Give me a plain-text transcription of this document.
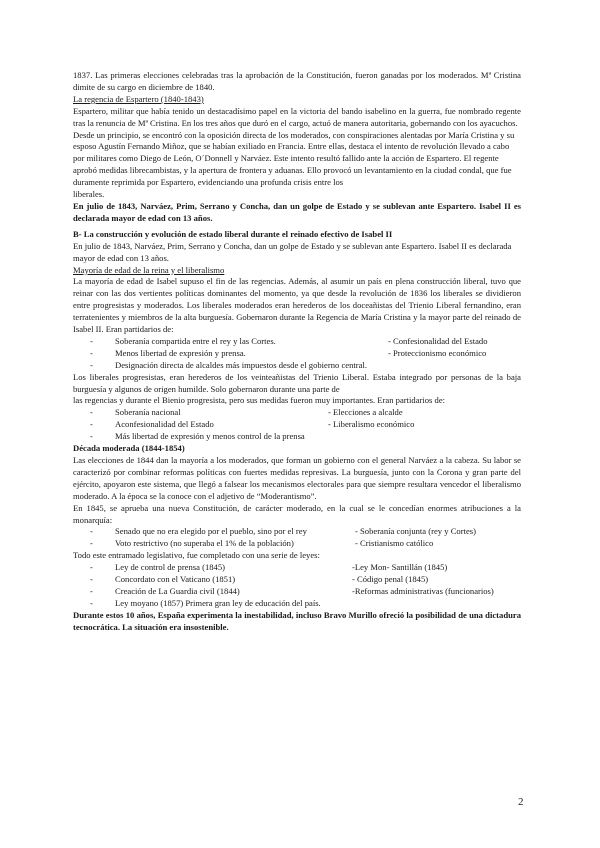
1837. Las primeras elecciones celebradas tras la aprobación de la Constitución, fueron ganadas por los moderados. Mª Cristina dimite de su cargo en diciembre de 1840.

La regencia de Espartero (1840-1843)

Espartero, militar que había tenido un destacadísimo papel en la victoria del bando isabelino en la guerra, fue nombrado regente tras la renuncia de Mª Cristina. En los tres años que duró en el cargo, actuó de manera autoritaria, gobernando con los ayacuchos.

Desde un principio, se encontró con la oposición directa de los moderados, con conspiraciones alentadas por María Cristina y su esposo Agustín Fernando Miñoz, que se habían exiliado en Francia. Entre ellas, destaca el intento de revolución llevado a cabo por militares como Diego de León, O´Donnell y Narváez. Este intento resultó fallido ante la acción de Espartero. El regente aprobó medidas librecambistas, y la apertura de frontera y aduanas. Ello provocó un levantamiento en la ciudad condal, que fue duramente reprimida por Espartero, evidenciando una profunda crisis entre los

liberales.

En julio de 1843, Narváez, Prim, Serrano y Concha, dan un golpe de Estado y se sublevan ante Espartero. Isabel II es declarada mayor de edad con 13 años.

B- La construcción y evolución de estado liberal durante el reinado efectivo de Isabel II

En julio de 1843, Narváez, Prim, Serrano y Concha, dan un golpe de Estado y se sublevan ante Espartero. Isabel II es declarada mayor de edad con 13 años.

Mayoría de edad de la reina y el liberalismo

La mayoría de edad de Isabel supuso el fin de las regencias. Además, al asumir un país en plena construcción liberal, tuvo que reinar con las dos vertientes políticas dominantes del momento, ya que desde la revolución de 1836 los liberales se dividieron entre progresistas y moderados. Los liberales moderados eran herederos de los doceañistas del Trienio Liberal fernandino, eran terratenientes y miembros de la alta burguesía. Gobernaron durante la Regencia de María Cristina y la mayor parte del reinado de Isabel II. Eran partidarios de:

-	Soberanía compartida entre el rey y las Cortes.	- Confesionalidad del Estado
-	Menos libertad de expresión y prensa.	- Proteccionismo económico
-	Designación directa de alcaldes más impuestos desde el gobierno central.

Los liberales progresistas, eran herederos de los veinteañistas del Trienio Liberal. Estaba integrado por personas de la baja burguesía y algunos de origen humilde. Solo gobernaron durante una parte de

las regencias y durante el Bienio progresista, pero sus medidas fueron muy importantes. Eran partidarios de:

-	Soberanía nacional	- Elecciones a alcalde
-	Aconfesionalidad del Estado	- Liberalismo económico
-	Más libertad de expresión y menos control de la prensa

Década moderada (1844-1854)

Las elecciones de 1844 dan la mayoría a los moderados, que forman un gobierno con el general Narváez a la cabeza. Su labor se caracterizó por combinar reformas políticas con fuertes medidas represivas. La burguesía, junto con la Corona y gran parte del ejército, apoyaron este sistema, que llegó a falsear los mecanismos electorales para que siempre resultara vencedor el liberalismo moderado. A la época se la conoce con el adjetivo de “Moderantismo”.

En 1845, se aprueba una nueva Constitución, de carácter moderado, en la cual se le concedían enormes atribuciones a la monarquía:

-	Senado que no era elegido por el pueblo, sino por el rey	- Soberanía conjunta (rey y Cortes)
-	Voto restrictivo (no superaba el 1% de la población)	- Cristianismo católico

Todo este entramado legislativo, fue completado con una serie de leyes:

-	Ley de control de prensa (1845)	-Ley Mon- Santillán (1845)
-	Concordato con el Vaticano (1851)	- Código penal (1845)
-	Creación de La Guardia civil (1844)	-Reformas administrativas (funcionarios)
-	Ley moyano (1857) Primera gran ley de educación del país.

Durante estos 10 años, España experimenta la inestabilidad, incluso Bravo Murillo ofreció la posibilidad de una dictadura tecnocrática. La situación era insostenible.

2
